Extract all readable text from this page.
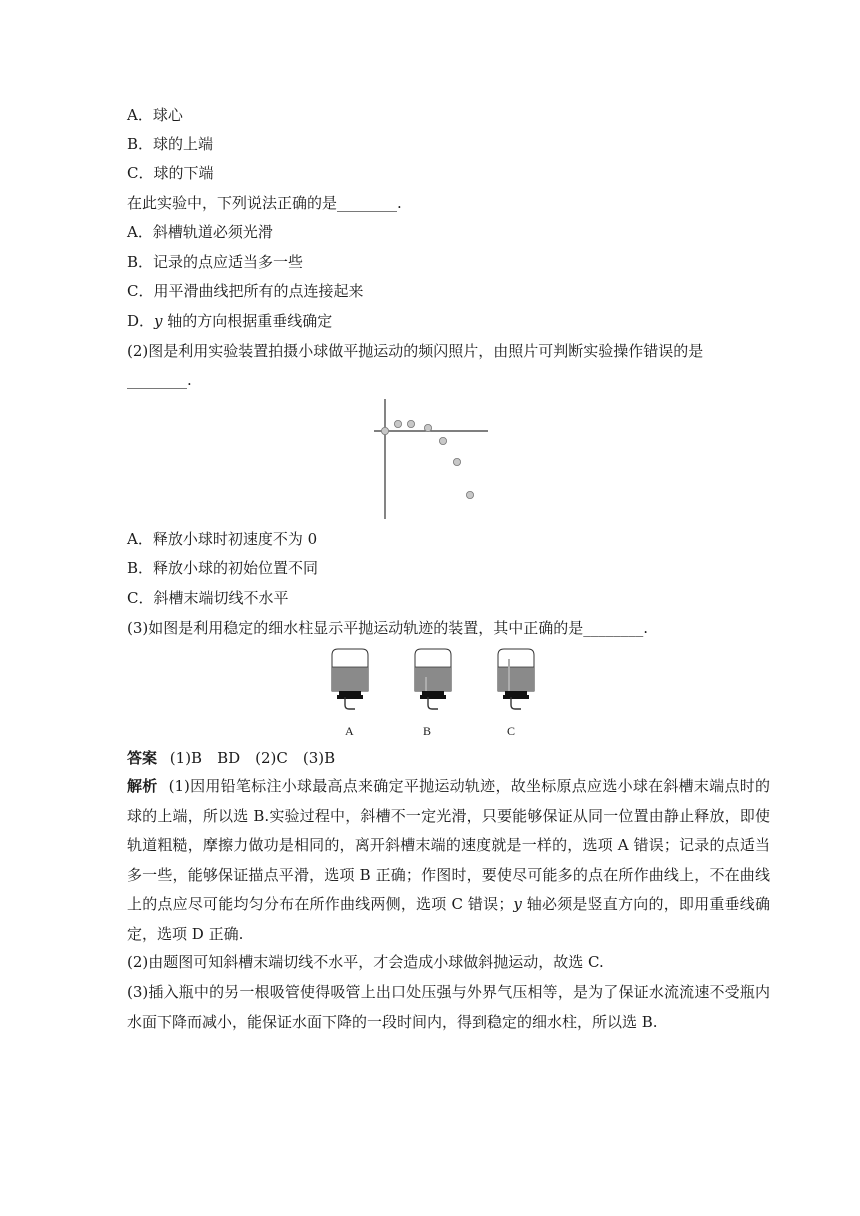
A．球心
B．球的上端
C．球的下端
在此实验中，下列说法正确的是________.
A．斜槽轨道必须光滑
B．记录的点应适当多一些
C．用平滑曲线把所有的点连接起来
D．y 轴的方向根据重垂线确定
(2)图是利用实验装置拍摄小球做平抛运动的频闪照片，由照片可判断实验操作错误的是
________.
A．释放小球时初速度不为 0
B．释放小球的初始位置不同
C．斜槽末端切线不水平
(3)如图是利用稳定的细水柱显示平抛运动轨迹的装置，其中正确的是________.
A	B	C
答案 (1)B　BD　(2)C　(3)B
解析 (1)因用铅笔标注小球最高点来确定平抛运动轨迹，故坐标原点应选小球在斜槽末端点时的球的上端，所以选 B.实验过程中，斜槽不一定光滑，只要能够保证从同一位置由静止释放，即使轨道粗糙，摩擦力做功是相同的，离开斜槽末端的速度就是一样的，选项 A 错误；记录的点适当多一些，能够保证描点平滑，选项 B 正确；作图时，要使尽可能多的点在所作曲线上，不在曲线上的点应尽可能均匀分布在所作曲线两侧，选项 C 错误；y 轴必须是竖直方向的，即用重垂线确定，选项 D 正确.
(2)由题图可知斜槽末端切线不水平，才会造成小球做斜抛运动，故选 C.
(3)插入瓶中的另一根吸管使得吸管上出口处压强与外界气压相等，是为了保证水流流速不受瓶内水面下降而减小，能保证水面下降的一段时间内，得到稳定的细水柱，所以选 B.
